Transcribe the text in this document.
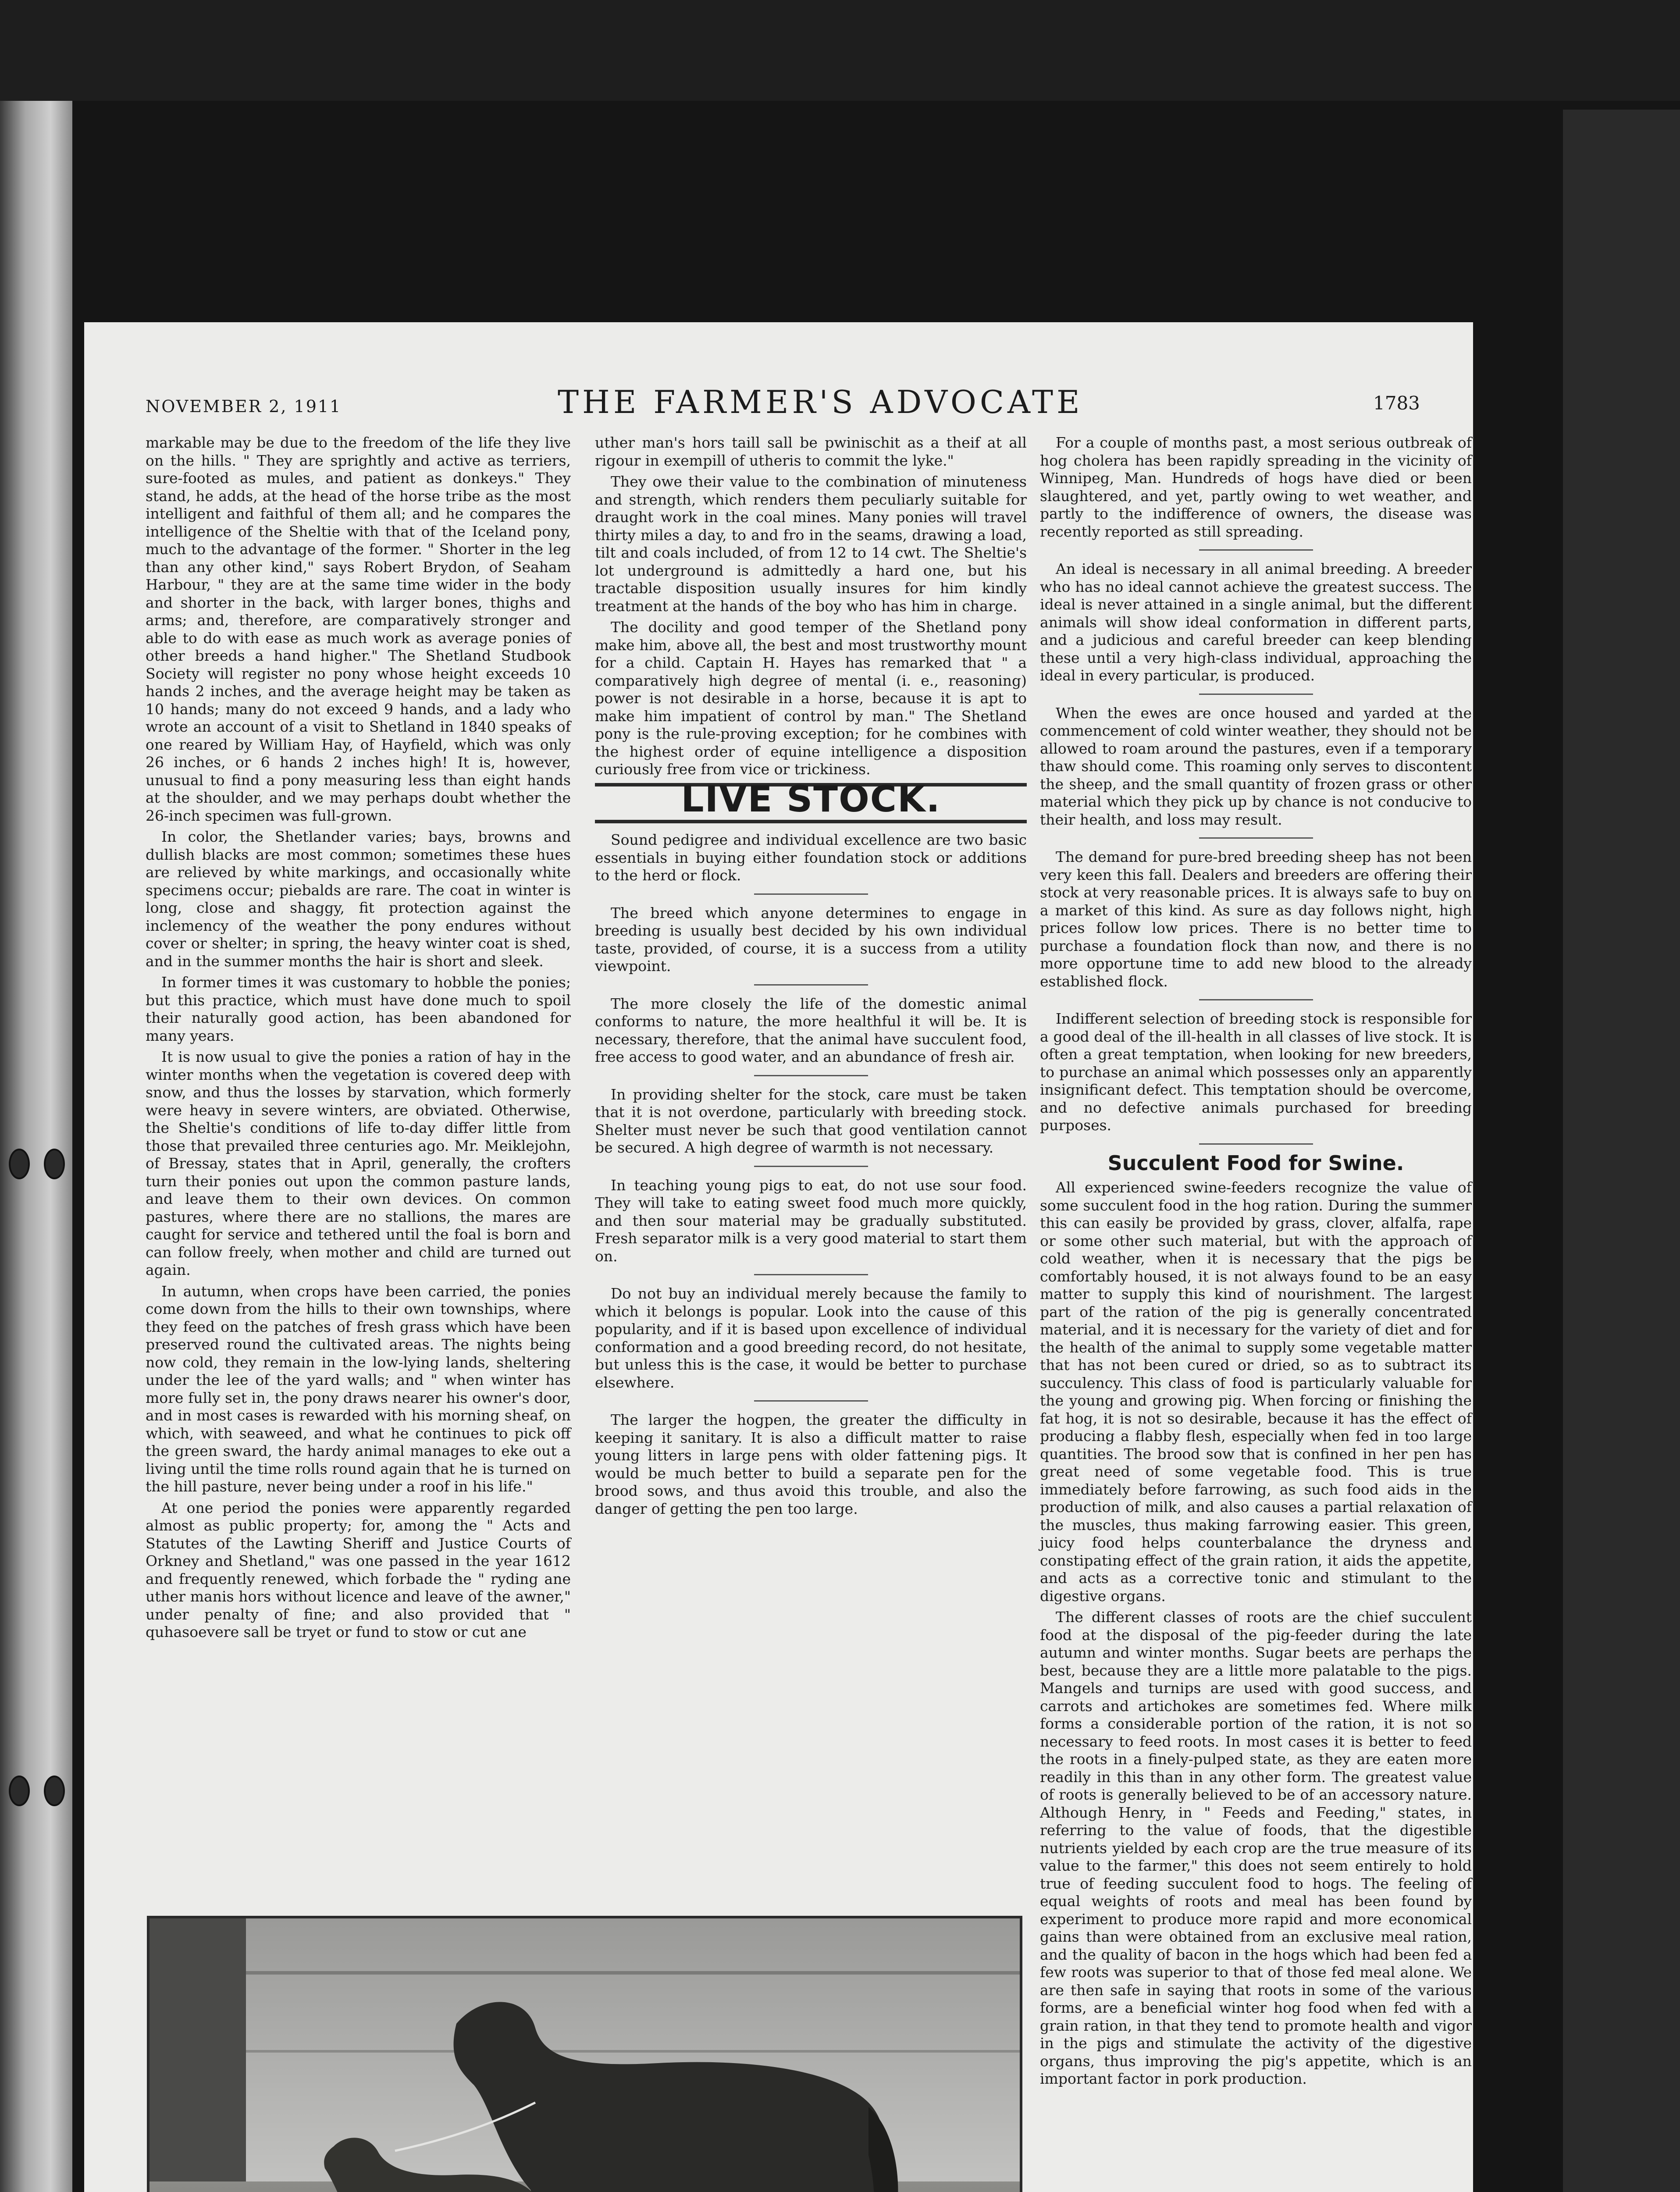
NOVEMBER 2, 1911	THE FARMER'S ADVOCATE	1783

markable may be due to the freedom of the life they live on the hills. " They are sprightly and active as terriers, sure-footed as mules, and patient as donkeys." They stand, he adds, at the head of the horse tribe as the most intelligent and faithful of them all; and he compares the intelligence of the Sheltie with that of the Iceland pony, much to the advantage of the former. " Shorter in the leg than any other kind," says Robert Brydon, of Seaham Harbour, " they are at the same time wider in the body and shorter in the back, with larger bones, thighs and arms; and, therefore, are comparatively stronger and able to do with ease as much work as average ponies of other breeds a hand higher." The Shetland Studbook Society will register no pony whose height exceeds 10 hands 2 inches, and the average height may be taken as 10 hands; many do not exceed 9 hands, and a lady who wrote an account of a visit to Shetland in 1840 speaks of one reared by William Hay, of Hayfield, which was only 26 inches, or 6 hands 2 inches high! It is, however, unusual to find a pony measuring less than eight hands at the shoulder, and we may perhaps doubt whether the 26-inch specimen was full-grown.

In color, the Shetlander varies; bays, browns and dullish blacks are most common; sometimes these hues are relieved by white markings, and occasionally white specimens occur; piebalds are rare. The coat in winter is long, close and shaggy, fit protection against the inclemency of the weather the pony endures without cover or shelter; in spring, the heavy winter coat is shed, and in the summer months the hair is short and sleek.

In former times it was customary to hobble the ponies; but this practice, which must have done much to spoil their naturally good action, has been abandoned for many years.

It is now usual to give the ponies a ration of hay in the winter months when the vegetation is covered deep with snow, and thus the losses by starvation, which formerly were heavy in severe winters, are obviated. Otherwise, the Sheltie's conditions of life to-day differ little from those that prevailed three centuries ago. Mr. Meiklejohn, of Bressay, states that in April, generally, the crofters turn their ponies out upon the common pasture lands, and leave them to their own devices. On common pastures, where there are no stallions, the mares are caught for service and tethered until the foal is born and can follow freely, when mother and child are turned out again.

In autumn, when crops have been carried, the ponies come down from the hills to their own townships, where they feed on the patches of fresh grass which have been preserved round the cultivated areas. The nights being now cold, they remain in the low-lying lands, sheltering under the lee of the yard walls; and " when winter has more fully set in, the pony draws nearer his owner's door, and in most cases is rewarded with his morning sheaf, on which, with seaweed, and what he continues to pick off the green sward, the hardy animal manages to eke out a living until the time rolls round again that he is turned on the hill pasture, never being under a roof in his life."

At one period the ponies were apparently regarded almost as public property; for, among the " Acts and Statutes of the Lawting Sheriff and Justice Courts of Orkney and Shetland," was one passed in the year 1612 and frequently renewed, which forbade the " ryding ane uther manis hors without licence and leave of the awner," under penalty of fine; and also provided that " quhasoevere sall be tryet or fund to stow or cut ane

uther man's hors taill sall be pwinischit as a theif at all rigour in exempill of utheris to commit the lyke."

They owe their value to the combination of minuteness and strength, which renders them peculiarly suitable for draught work in the coal mines. Many ponies will travel thirty miles a day, to and fro in the seams, drawing a load, tilt and coals included, of from 12 to 14 cwt. The Sheltie's lot underground is admittedly a hard one, but his tractable disposition usually insures for him kindly treatment at the hands of the boy who has him in charge.

The docility and good temper of the Shetland pony make him, above all, the best and most trustworthy mount for a child. Captain H. Hayes has remarked that " a comparatively high degree of mental (i. e., reasoning) power is not desirable in a horse, because it is apt to make him impatient of control by man." The Shetland pony is the rule-proving exception; for he combines with the highest order of equine intelligence a disposition curiously free from vice or trickiness.

LIVE STOCK.

Sound pedigree and individual excellence are two basic essentials in buying either foundation stock or additions to the herd or flock.

The breed which anyone determines to engage in breeding is usually best decided by his own individual taste, provided, of course, it is a success from a utility viewpoint.

The more closely the life of the domestic animal conforms to nature, the more healthful it will be. It is necessary, therefore, that the animal have succulent food, free access to good water, and an abundance of fresh air.

In providing shelter for the stock, care must be taken that it is not overdone, particularly with breeding stock. Shelter must never be such that good ventilation cannot be secured. A high degree of warmth is not necessary.

In teaching young pigs to eat, do not use sour food. They will take to eating sweet food much more quickly, and then sour material may be gradually substituted. Fresh separator milk is a very good material to start them on.

Do not buy an individual merely because the family to which it belongs is popular. Look into the cause of this popularity, and if it is based upon excellence of individual conformation and a good breeding record, do not hesitate, but unless this is the case, it would be better to purchase elsewhere.

The larger the hogpen, the greater the difficulty in keeping it sanitary. It is also a difficult matter to raise young litters in large pens with older fattening pigs. It would be much better to build a separate pen for the brood sows, and thus avoid this trouble, and also the danger of getting the pen too large.

For a couple of months past, a most serious outbreak of hog cholera has been rapidly spreading in the vicinity of Winnipeg, Man. Hundreds of hogs have died or been slaughtered, and yet, partly owing to wet weather, and partly to the indifference of owners, the disease was recently reported as still spreading.

An ideal is necessary in all animal breeding. A breeder who has no ideal cannot achieve the greatest success. The ideal is never attained in a single animal, but the different animals will show ideal conformation in different parts, and a judicious and careful breeder can keep blending these until a very high-class individual, approaching the ideal in every particular, is produced.

When the ewes are once housed and yarded at the commencement of cold winter weather, they should not be allowed to roam around the pastures, even if a temporary thaw should come. This roaming only serves to discontent the sheep, and the small quantity of frozen grass or other material which they pick up by chance is not conducive to their health, and loss may result.

The demand for pure-bred breeding sheep has not been very keen this fall. Dealers and breeders are offering their stock at very reasonable prices. It is always safe to buy on a market of this kind. As sure as day follows night, high prices follow low prices. There is no better time to purchase a foundation flock than now, and there is no more opportune time to add new blood to the already established flock.

Indifferent selection of breeding stock is responsible for a good deal of the ill-health in all classes of live stock. It is often a great temptation, when looking for new breeders, to purchase an animal which possesses only an apparently insignificant defect. This temptation should be overcome, and no defective animals purchased for breeding purposes.

Succulent Food for Swine.

All experienced swine-feeders recognize the value of some succulent food in the hog ration. During the summer this can easily be provided by grass, clover, alfalfa, rape or some other such material, but with the approach of cold weather, when it is necessary that the pigs be comfortably housed, it is not always found to be an easy matter to supply this kind of nourishment. The largest part of the ration of the pig is generally concentrated material, and it is necessary for the variety of diet and for the health of the animal to supply some vegetable matter that has not been cured or dried, so as to subtract its succulency. This class of food is particularly valuable for the young and growing pig. When forcing or finishing the fat hog, it is not so desirable, because it has the effect of producing a flabby flesh, especially when fed in too large quantities. The brood sow that is confined in her pen has great need of some vegetable food. This is true immediately before farrowing, as such food aids in the production of milk, and also causes a partial relaxation of the muscles, thus making farrowing easier. This green, juicy food helps counterbalance the dryness and constipating effect of the grain ration, it aids the appetite, and acts as a corrective tonic and stimulant to the digestive organs.

The different classes of roots are the chief succulent food at the disposal of the pig-feeder during the late autumn and winter months. Sugar beets are perhaps the best, because they are a little more palatable to the pigs. Mangels and turnips are used with good success, and carrots and artichokes are sometimes fed. Where milk forms a considerable portion of the ration, it is not so necessary to feed roots. In most cases it is better to feed the roots in a finely-pulped state, as they are eaten more readily in this than in any other form. The greatest value of roots is generally believed to be of an accessory nature. Although Henry, in " Feeds and Feeding," states, in referring to the value of foods, that the digestible nutrients yielded by each crop are the true measure of its value to the farmer," this does not seem entirely to hold true of feeding succulent food to hogs. The feeling of equal weights of roots and meal has been found by experiment to produce more rapid and more economical gains than were obtained from an exclusive meal ration, and the quality of bacon in the hogs which had been fed a few roots was superior to that of those fed meal alone. We are then safe in saying that roots in some of the various forms, are a beneficial winter hog food when fed with a grain ration, in that they tend to promote health and vigor in the pigs and stimulate the activity of the digestive organs, thus improving the pig's appetite, which is an important factor in pork production.
